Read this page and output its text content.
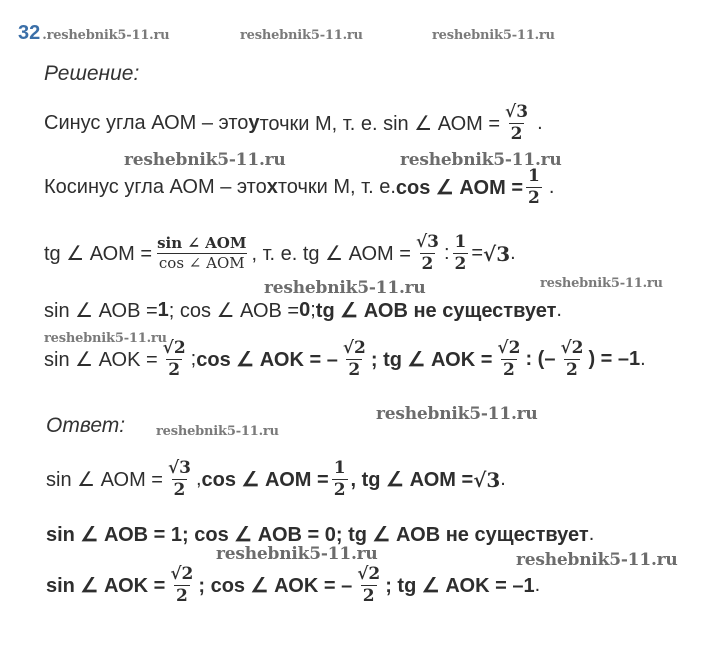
32 .reshebnik5-11.ru	reshebnik5-11.ru	reshebnik5-11.ru
Решение:
Синус угла АОМ – это у точки М, т. е. sin ∠ АОМ = $\frac{√3}{2}$ .
reshebnik5-11.ru	reshebnik5-11.ru
Косинус угла АОМ – это х точки М, т. е. cos ∠ АОМ = $\frac{1}{2}$ .
tg ∠ АОМ = $\frac{\text{sin ∠ AOM}}{\text{cos ∠ AOM}}$ , т. е. tg ∠ АОМ = $\frac{√3}{2}$ : $\frac{1}{2} = √3$ .
reshebnik5-11.ru	reshebnik5-11.ru
sin ∠ АОВ = 1 ; cos ∠ АОВ = 0 ; tg ∠ АОВ не существует .
reshebnik5-11.ru
sin ∠ АОK = $\frac{√2}{2}$ ; cos ∠ АОK = – $\frac{√2}{2}$ ; tg ∠ АОK = $\frac{√2}{2}$ : (– $\frac{√2}{2}$ ) = –1 .
reshebnik5-11.ru
Ответ: reshebnik5-11.ru
sin ∠ АОМ = $\frac{√3}{2}$ , cos ∠ АОМ = $\frac{1}{2}$ , tg ∠ АОМ = √3 .
sin ∠ АОВ = 1; cos ∠ АОВ = 0; tg ∠ АОВ не существует .
reshebnik5-11.ru	reshebnik5-11.ru
sin ∠ АОK = $\frac{√2}{2}$ ; cos ∠ АОK = – $\frac{√2}{2}$ ; tg ∠ АОK = –1 .
